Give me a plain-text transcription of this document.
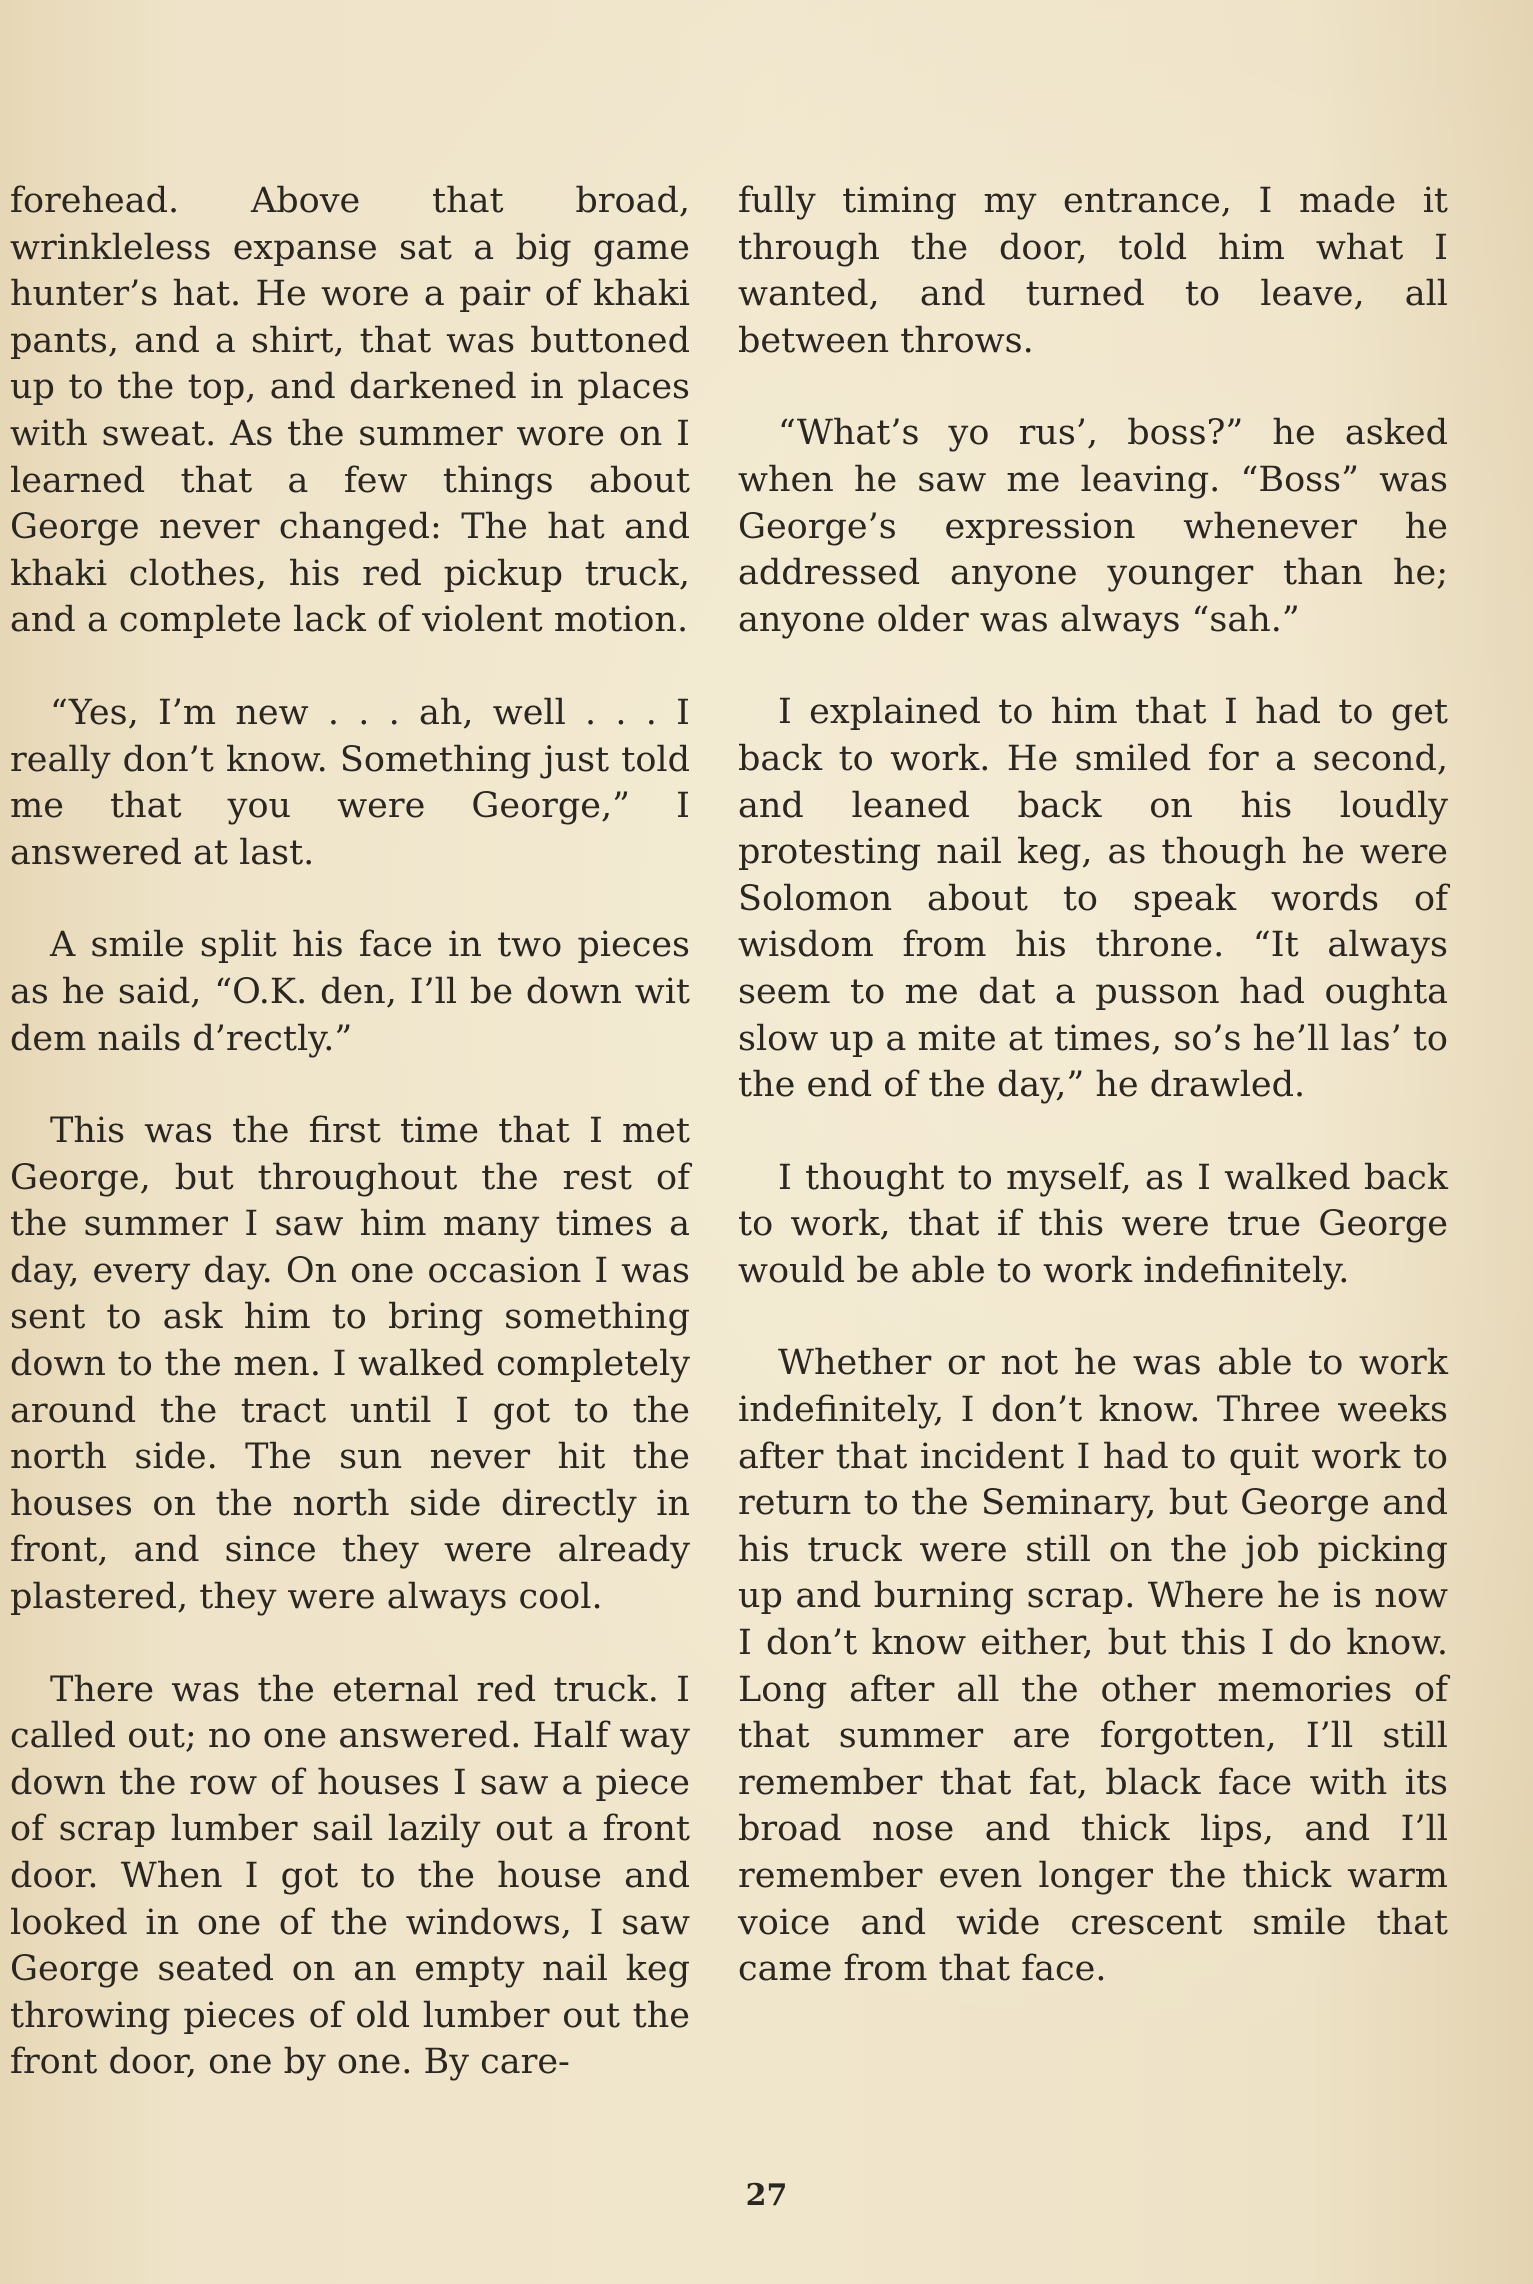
forehead. Above that broad, wrinkleless expanse sat a big game hunter’s hat. He wore a pair of khaki pants, and a shirt, that was buttoned up to the top, and darkened in places with sweat. As the summer wore on I learned that a few things about George never changed: The hat and khaki clothes, his red pickup truck, and a complete lack of violent motion.

“Yes, I’m new . . . ah, well . . . I really don’t know. Something just told me that you were George,” I answered at last.

A smile split his face in two pieces as he said, “O.K. den, I’ll be down wit dem nails d’rectly.”

This was the first time that I met George, but throughout the rest of the summer I saw him many times a day, every day. On one occasion I was sent to ask him to bring something down to the men. I walked completely around the tract until I got to the north side. The sun never hit the houses on the north side directly in front, and since they were already plastered, they were always cool.

There was the eternal red truck. I called out; no one answered. Half way down the row of houses I saw a piece of scrap lumber sail lazily out a front door. When I got to the house and looked in one of the windows, I saw George seated on an empty nail keg throwing pieces of old lumber out the front door, one by one. By care-

fully timing my entrance, I made it through the door, told him what I wanted, and turned to leave, all between throws.

“What’s yo rus’, boss?” he asked when he saw me leaving. “Boss” was George’s expression whenever he addressed anyone younger than he; anyone older was always “sah.”

I explained to him that I had to get back to work. He smiled for a second, and leaned back on his loudly protesting nail keg, as though he were Solomon about to speak words of wisdom from his throne. “It always seem to me dat a pusson had oughta slow up a mite at times, so’s he’ll las’ to the end of the day,” he drawled.

I thought to myself, as I walked back to work, that if this were true George would be able to work indefinitely.

Whether or not he was able to work indefinitely, I don’t know. Three weeks after that incident I had to quit work to return to the Seminary, but George and his truck were still on the job picking up and burning scrap. Where he is now I don’t know either, but this I do know. Long after all the other memories of that summer are forgotten, I’ll still remember that fat, black face with its broad nose and thick lips, and I’ll remember even longer the thick warm voice and wide crescent smile that came from that face.

27
